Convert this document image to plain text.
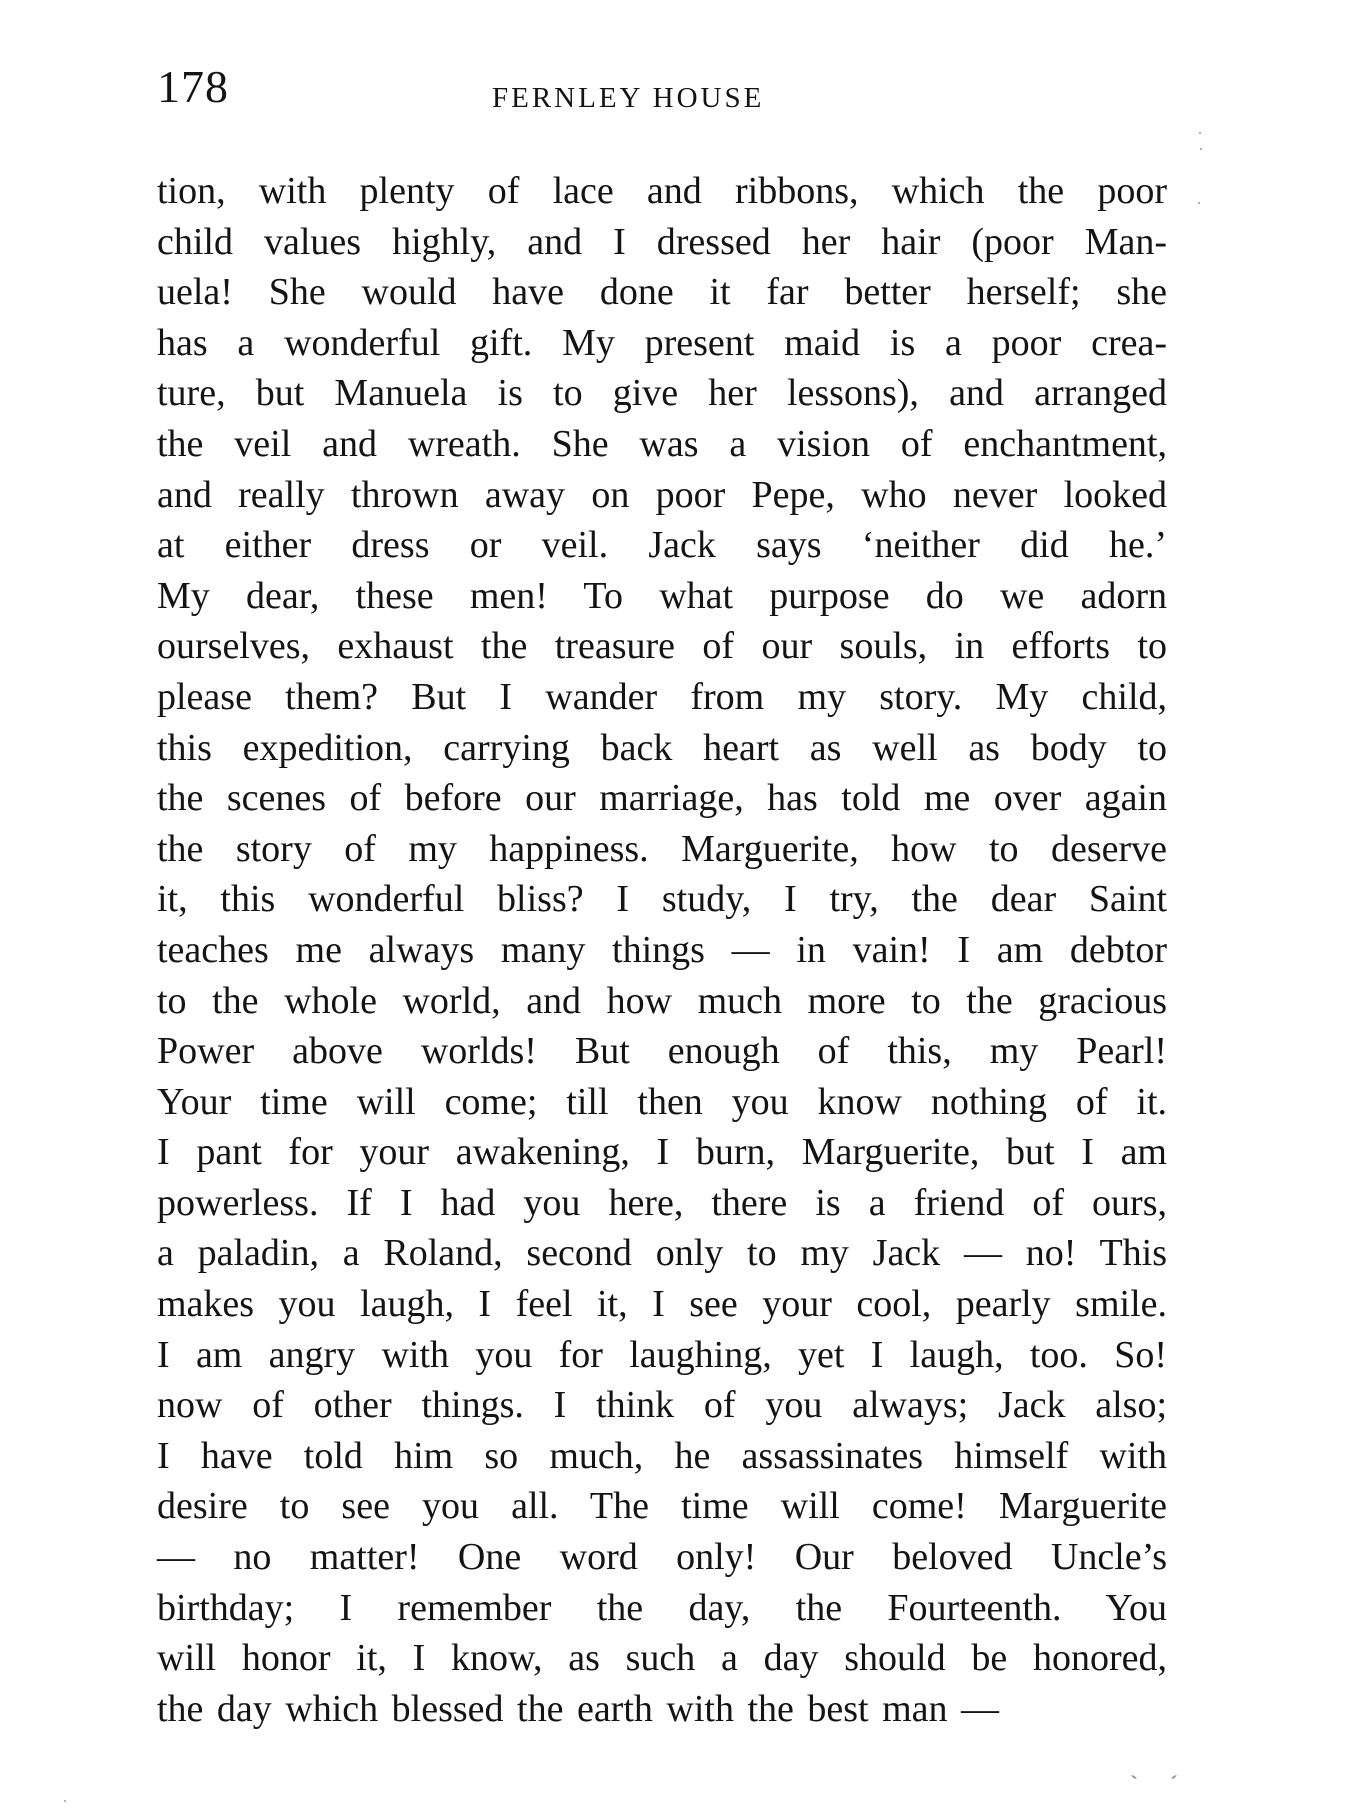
178	FERNLEY HOUSE
tion, with plenty of lace and ribbons, which the poor
child values highly, and I dressed her hair (poor Man-
uela! She would have done it far better herself; she
has a wonderful gift. My present maid is a poor crea-
ture, but Manuela is to give her lessons), and arranged
the veil and wreath. She was a vision of enchantment,
and really thrown away on poor Pepe, who never looked
at either dress or veil. Jack says ‘neither did he.’
My dear, these men! To what purpose do we adorn
ourselves, exhaust the treasure of our souls, in efforts to
please them? But I wander from my story. My child,
this expedition, carrying back heart as well as body to
the scenes of before our marriage, has told me over again
the story of my happiness. Marguerite, how to deserve
it, this wonderful bliss? I study, I try, the dear Saint
teaches me always many things — in vain! I am debtor
to the whole world, and how much more to the gracious
Power above worlds! But enough of this, my Pearl!
Your time will come; till then you know nothing of it.
I pant for your awakening, I burn, Marguerite, but I am
powerless. If I had you here, there is a friend of ours,
a paladin, a Roland, second only to my Jack — no! This
makes you laugh, I feel it, I see your cool, pearly smile.
I am angry with you for laughing, yet I laugh, too. So!
now of other things. I think of you always; Jack also;
I have told him so much, he assassinates himself with
desire to see you all. The time will come! Marguerite
— no matter! One word only! Our beloved Uncle’s
birthday; I remember the day, the Fourteenth. You
will honor it, I know, as such a day should be honored,
the day which blessed the earth with the best man —
